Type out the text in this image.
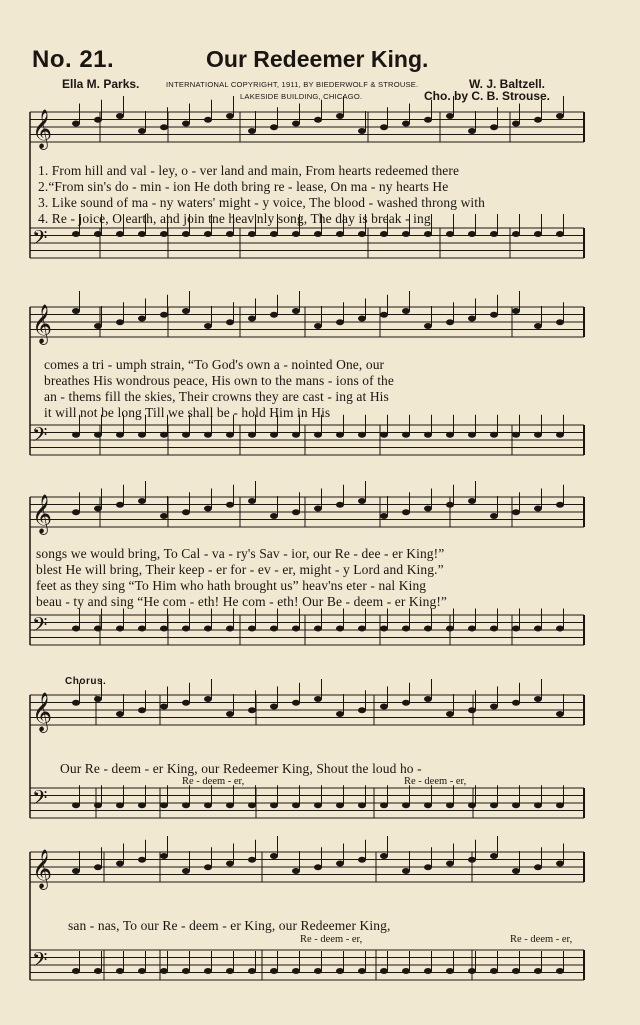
No. 21.	Our Redeemer King.
Ella M. Parks.	INTERNATIONAL COPYRIGHT, 1911, BY BIEDERWOLF & STROUSE.
LAKESIDE BUILDING, CHICAGO.
W. J. Baltzell.
Cho. by C. B. Strouse.
𝄞
𝄢
𝄞
𝄢
𝄞
𝄢
𝄞
𝄢
𝄞
𝄢
1. From hill and val - ley, o - ver land and main, From hearts redeemed there
2.“From sin's do - min - ion He doth bring re - lease, On ma - ny hearts He
3. Like sound of ma - ny waters' might - y voice, The blood - washed throng with
4. Re - joice, O earth, and join tne heav'nly song, The day is break - ing
comes a tri - umph strain, “To God's own a - nointed One, our
breathes His wondrous peace, His own to the mans - ions of the
an - thems fill the skies, Their crowns they are cast - ing at His
it will not be long Till we shall be - hold Him in His
songs we would bring, To Cal - va - ry's Sav - ior, our Re - dee - er King!”
blest He will bring, Their keep - er for - ev - er, might - y Lord and King.”
feet as they sing “To Him who hath brought us” heav'ns eter - nal King
beau - ty and sing “He com - eth! He com - eth! Our Be - deem - er King!”
Chorus.
Our Re - deem - er King, our Redeemer King, Shout the loud ho -
Re - deem - er,	Re - deem - er,
san - nas, To our Re - deem - er King, our Redeemer King,
Re - deem - er,	Re - deem - er,
